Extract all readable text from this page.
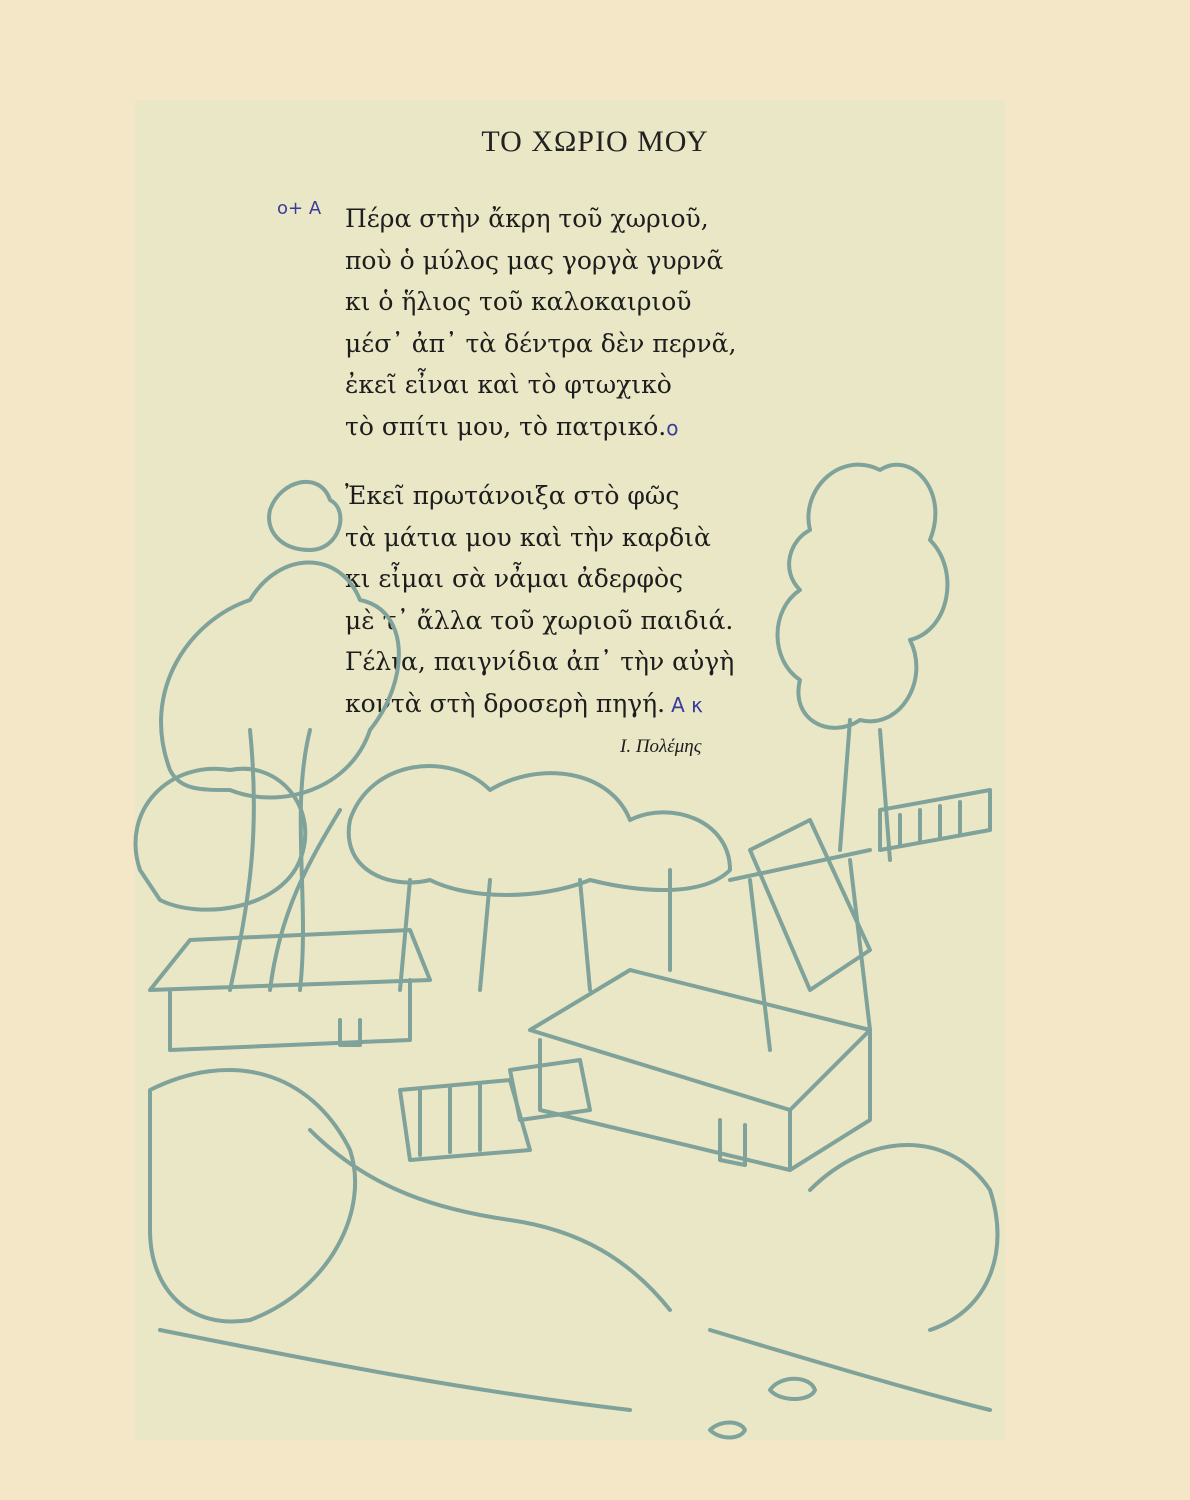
ΤΟ ΧΩΡΙΟ ΜΟΥ
ο+ Α Πέρα στὴν ἄκρη τοῦ χωριοῦ,
ποὺ ὁ μύλος μας γοργὰ γυρνᾶ
κι ὁ ἥλιος τοῦ καλοκαιριοῦ
μέσ᾿ ἀπ᾿ τὰ δέντρα δὲν περνᾶ,
ἐκεῖ εἶναι καὶ τὸ φτωχικὸ
τὸ σπίτι μου, τὸ πατρικό.ο
Ἐκεῖ πρωτάνοιξα στὸ φῶς
τὰ μάτια μου καὶ τὴν καρδιὰ
κι εἶμαι σὰ νἆμαι ἀδερφὸς
μὲ τ᾿ ἄλλα τοῦ χωριοῦ παιδιά.
Γέλια, παιγνίδια ἀπ᾿ τὴν αὐγὴ
κοντὰ στὴ δροσερὴ πηγή. Α κ
Ι. Πολέμης
